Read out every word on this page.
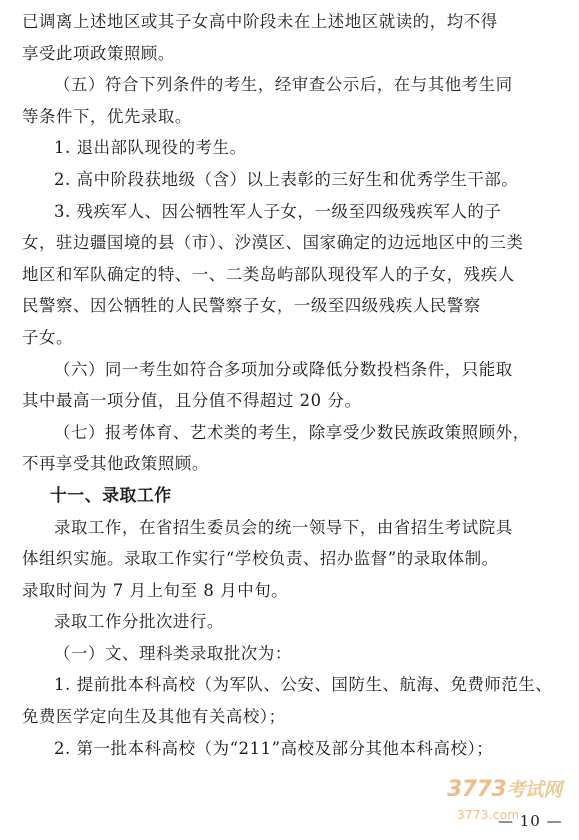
已调离上述地区或其子女高中阶段未在上述地区就读的，均不得
享受此项政策照顾。
（五）符合下列条件的考生，经审查公示后，在与其他考生同
等条件下，优先录取。
1. 退出部队现役的考生。
2. 高中阶段获地级（含）以上表彰的三好生和优秀学生干部。
3. 残疾军人、因公牺牲军人子女，一级至四级残疾军人的子
女，驻边疆国境的县（市）、沙漠区、国家确定的边远地区中的三类
地区和军队确定的特、一、二类岛屿部队现役军人的子女，残疾人
民警察、因公牺牲的人民警察子女，一级至四级残疾人民警察
子女。
（六）同一考生如符合多项加分或降低分数投档条件，只能取
其中最高一项分值，且分值不得超过 20 分。
（七）报考体育、艺术类的考生，除享受少数民族政策照顾外，
不再享受其他政策照顾。
十一、录取工作
录取工作，在省招生委员会的统一领导下，由省招生考试院具
体组织实施。录取工作实行“学校负责、招办监督”的录取体制。
录取时间为 7 月上旬至 8 月中旬。
录取工作分批次进行。
（一）文、理科类录取批次为：
1. 提前批本科高校（为军队、公安、国防生、航海、免费师范生、
免费医学定向生及其他有关高校）；
2. 第一批本科高校（为“211”高校及部分其他本科高校）；
— 10 —
3773考试网
3773.com
